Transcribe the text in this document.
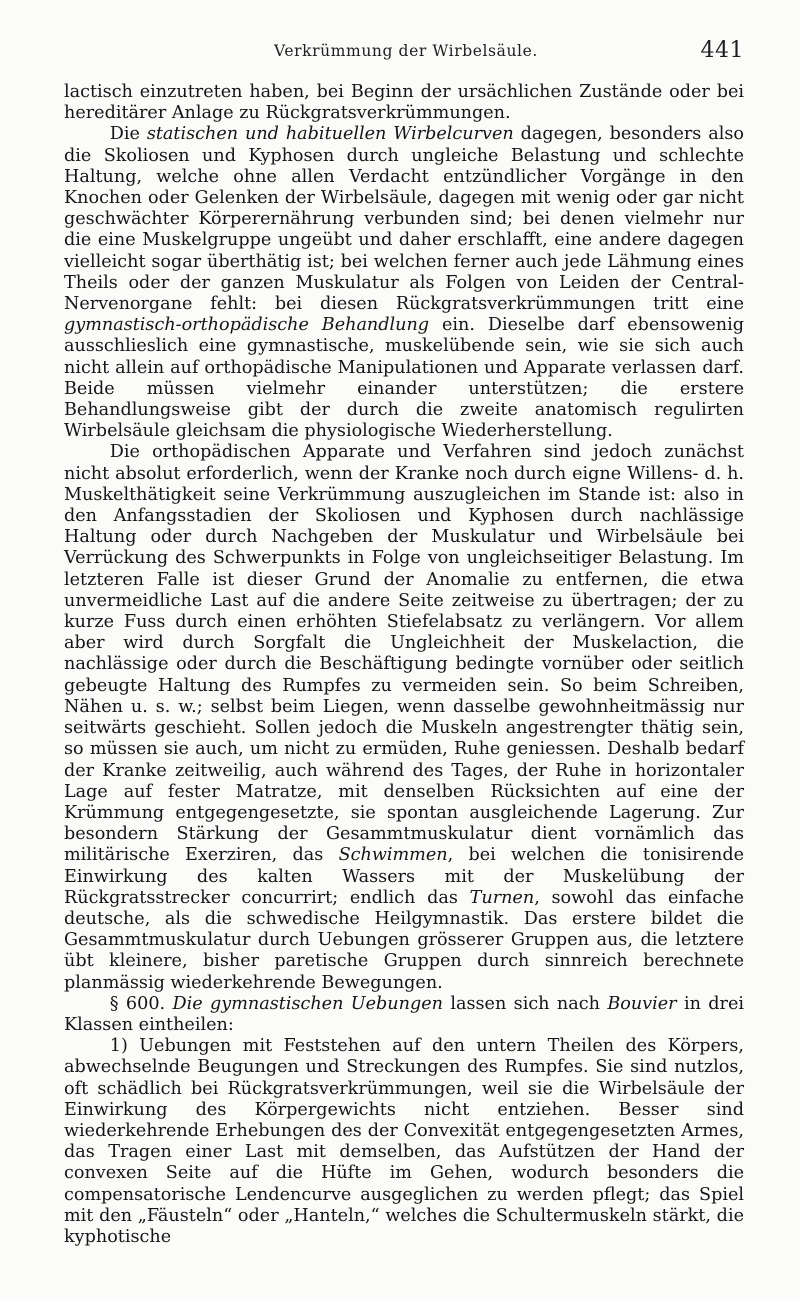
Verkrümmung der Wirbelsäule.	441

lactisch einzutreten haben, bei Beginn der ursächlichen Zustände oder bei hereditärer Anlage zu Rückgratsverkrümmungen.

Die statischen und habituellen Wirbelcurven dagegen, besonders also die Skoliosen und Kyphosen durch ungleiche Belastung und schlechte Haltung, welche ohne allen Verdacht entzündlicher Vorgänge in den Knochen oder Gelenken der Wirbelsäule, dagegen mit wenig oder gar nicht geschwächter Körperernährung verbunden sind; bei denen vielmehr nur die eine Muskelgruppe ungeübt und daher erschlafft, eine andere dagegen vielleicht sogar überthätig ist; bei welchen ferner auch jede Lähmung eines Theils oder der ganzen Muskulatur als Folgen von Leiden der Central-Nervenorgane fehlt: bei diesen Rückgratsverkrümmungen tritt eine gymnastisch-orthopädische Behandlung ein. Dieselbe darf ebensowenig ausschlieslich eine gymnastische, muskelübende sein, wie sie sich auch nicht allein auf orthopädische Manipulationen und Apparate verlassen darf. Beide müssen vielmehr einander unterstützen; die erstere Behandlungsweise gibt der durch die zweite anatomisch regulirten Wirbelsäule gleichsam die physiologische Wiederherstellung.

Die orthopädischen Apparate und Verfahren sind jedoch zunächst nicht absolut erforderlich, wenn der Kranke noch durch eigne Willens- d. h. Muskelthätigkeit seine Verkrümmung auszugleichen im Stande ist: also in den Anfangsstadien der Skoliosen und Kyphosen durch nachlässige Haltung oder durch Nachgeben der Muskulatur und Wirbelsäule bei Verrückung des Schwerpunkts in Folge von ungleichseitiger Belastung. Im letzteren Falle ist dieser Grund der Anomalie zu entfernen, die etwa unvermeidliche Last auf die andere Seite zeitweise zu übertragen; der zu kurze Fuss durch einen erhöhten Stiefelabsatz zu verlängern. Vor allem aber wird durch Sorgfalt die Ungleichheit der Muskelaction, die nachlässige oder durch die Beschäftigung bedingte vornüber oder seitlich gebeugte Haltung des Rumpfes zu vermeiden sein. So beim Schreiben, Nähen u. s. w.; selbst beim Liegen, wenn dasselbe gewohnheitmässig nur seitwärts geschieht. Sollen jedoch die Muskeln angestrengter thätig sein, so müssen sie auch, um nicht zu ermüden, Ruhe geniessen. Deshalb bedarf der Kranke zeitweilig, auch während des Tages, der Ruhe in horizontaler Lage auf fester Matratze, mit denselben Rücksichten auf eine der Krümmung entgegengesetzte, sie spontan ausgleichende Lagerung. Zur besondern Stärkung der Gesammtmuskulatur dient vornämlich das militärische Exerziren, das Schwimmen, bei welchen die tonisirende Einwirkung des kalten Wassers mit der Muskelübung der Rückgratsstrecker concurrirt; endlich das Turnen, sowohl das einfache deutsche, als die schwedische Heilgymnastik. Das erstere bildet die Gesammtmuskulatur durch Uebungen grösserer Gruppen aus, die letztere übt kleinere, bisher paretische Gruppen durch sinnreich berechnete planmässig wiederkehrende Bewegungen.

§ 600. Die gymnastischen Uebungen lassen sich nach Bouvier in drei Klassen eintheilen:

1) Uebungen mit Feststehen auf den untern Theilen des Körpers, abwechselnde Beugungen und Streckungen des Rumpfes. Sie sind nutzlos, oft schädlich bei Rückgratsverkrümmungen, weil sie die Wirbelsäule der Einwirkung des Körpergewichts nicht entziehen. Besser sind wiederkehrende Erhebungen des der Convexität entgegengesetzten Armes, das Tragen einer Last mit demselben, das Aufstützen der Hand der convexen Seite auf die Hüfte im Gehen, wodurch besonders die compensatorische Lendencurve ausgeglichen zu werden pflegt; das Spiel mit den „Fäusteln“ oder „Hanteln,“ welches die Schultermuskeln stärkt, die kyphotische
